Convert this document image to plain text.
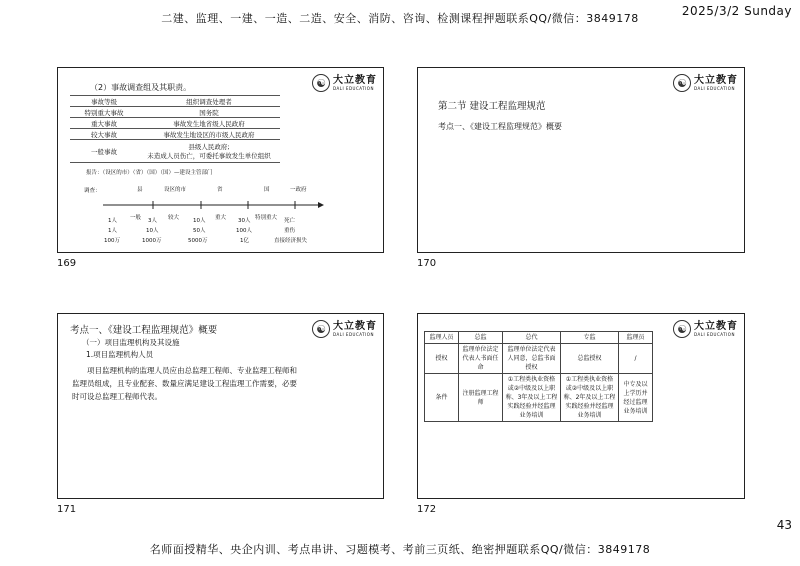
二建、监理、一建、一造、二造、安全、消防、咨询、检测课程押题联系QQ/微信：3849178
2025/3/2 Sunday
名师面授精华、央企内训、考点串讲、习题模考、考前三页纸、绝密押题联系QQ/微信：3849178
43
☯ 大立教育
DALI EDUCATION
（2）事故调查组及其职责。
事故等级	组织调查处理者
特别重大事故	国务院
重大事故	事故发生地省级人民政府
较大事故	事故发生地设区的市级人民政府
一般事故	县级人民政府;
未造成人员伤亡，可委托事故发生单位组织
报告：（设区的市）（省）（国）（国）—建设主管部门
调查：	县	设区的市	省	国	一政府
一般	较大	重大	特别重大
1人	3人	10人	30人	死亡
1人	10人	50人	100人	重伤
100万	1000万	5000万	1亿	直接经济损失
169
☯ 大立教育
DALI EDUCATION
第二节 建设工程监理规范
考点一、《建设工程监理规范》概要
170
☯ 大立教育
DALI EDUCATION
考点一、《建设工程监理规范》概要
（一）项目监理机构及其设施
1.项目监理机构人员
项目监理机构的监理人员应由总监理工程师、专业监理工程师和监理员组成，且专业配套、数量应满足建设工程监理工作需要，必要时可设总监理工程师代表。
171
☯ 大立教育
DALI EDUCATION
监理人员	总监	总代	专监	监理员
授权	监理单位法定代表人书面任命	监理单位法定代表人同意，总监书面授权	总监授权	/
条件	注册监理工程师	①工程类执业资格或②中级及以上职称、3年及以上工程实践经验并经监理业务培训	①工程类执业资格或②中级及以上职称、2年及以上工程实践经验并经监理业务培训	中专及以上学历并经过监理业务培训
172
